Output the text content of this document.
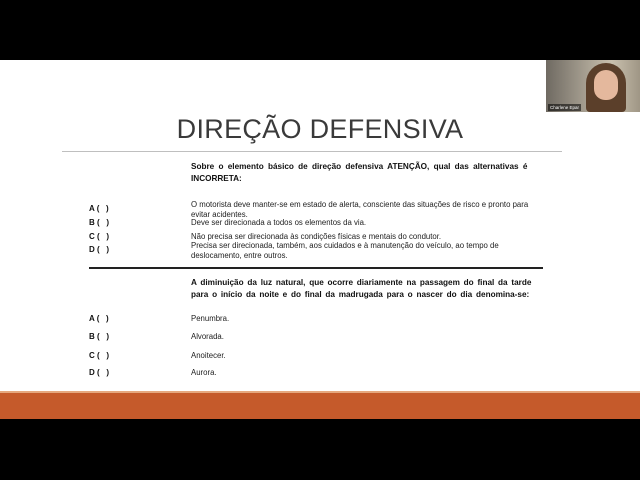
DIREÇÃO DEFENSIVA
Sobre o elemento básico de direção defensiva ATENÇÃO, qual das alternativas é INCORRETA:
A (   )	O motorista deve manter-se em estado de alerta, consciente das situações de risco e pronto para evitar acidentes.
B (   )	Deve ser direcionada a todos os elementos da via.
C (   )	Não precisa ser direcionada às condições físicas e mentais do condutor.
D (   )	Precisa ser direcionada, também, aos cuidados e à manutenção do veículo, ao tempo de deslocamento, entre outros.
A diminuição da luz natural, que ocorre diariamente na passagem do final da tarde para o início da noite e do final da madrugada para o nascer do dia denomina-se:
A (   )	Penumbra.
B (   )	Alvorada.
C (   )	Anoitecer.
D (   )	Aurora.
Charlene Epar
